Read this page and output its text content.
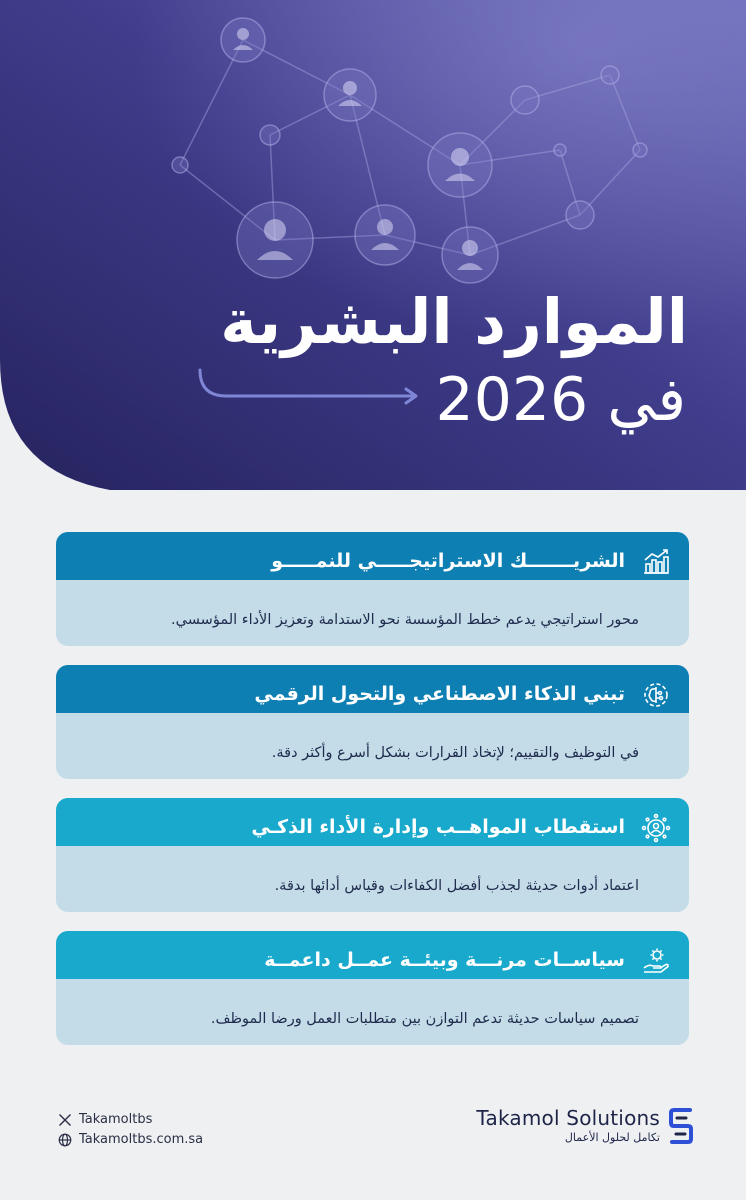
الموارد البشرية
في 2026
الشريـــــــك الاستراتيجـــــي للنمـــــو
محور استراتيجي يدعم خطط المؤسسة نحو الاستدامة وتعزيز الأداء المؤسسي.
تبني الذكاء الاصطناعي والتحول الرقمي
في التوظيف والتقييم؛ لإتخاذ القرارات بشكل أسرع وأكثر دقة.
استقطاب المواهــب وإدارة الأداء الذكـي
اعتماد أدوات حديثة لجذب أفضل الكفاءات وقياس أدائها بدقة.
سياســات مرنـــة وبيئــة عمــل داعمــة
تصميم سياسات حديثة تدعم التوازن بين متطلبات العمل ورضا الموظف.
Takamoltbs
Takamoltbs.com.sa
Takamol Solutions
تكامل لحلول الأعمال
